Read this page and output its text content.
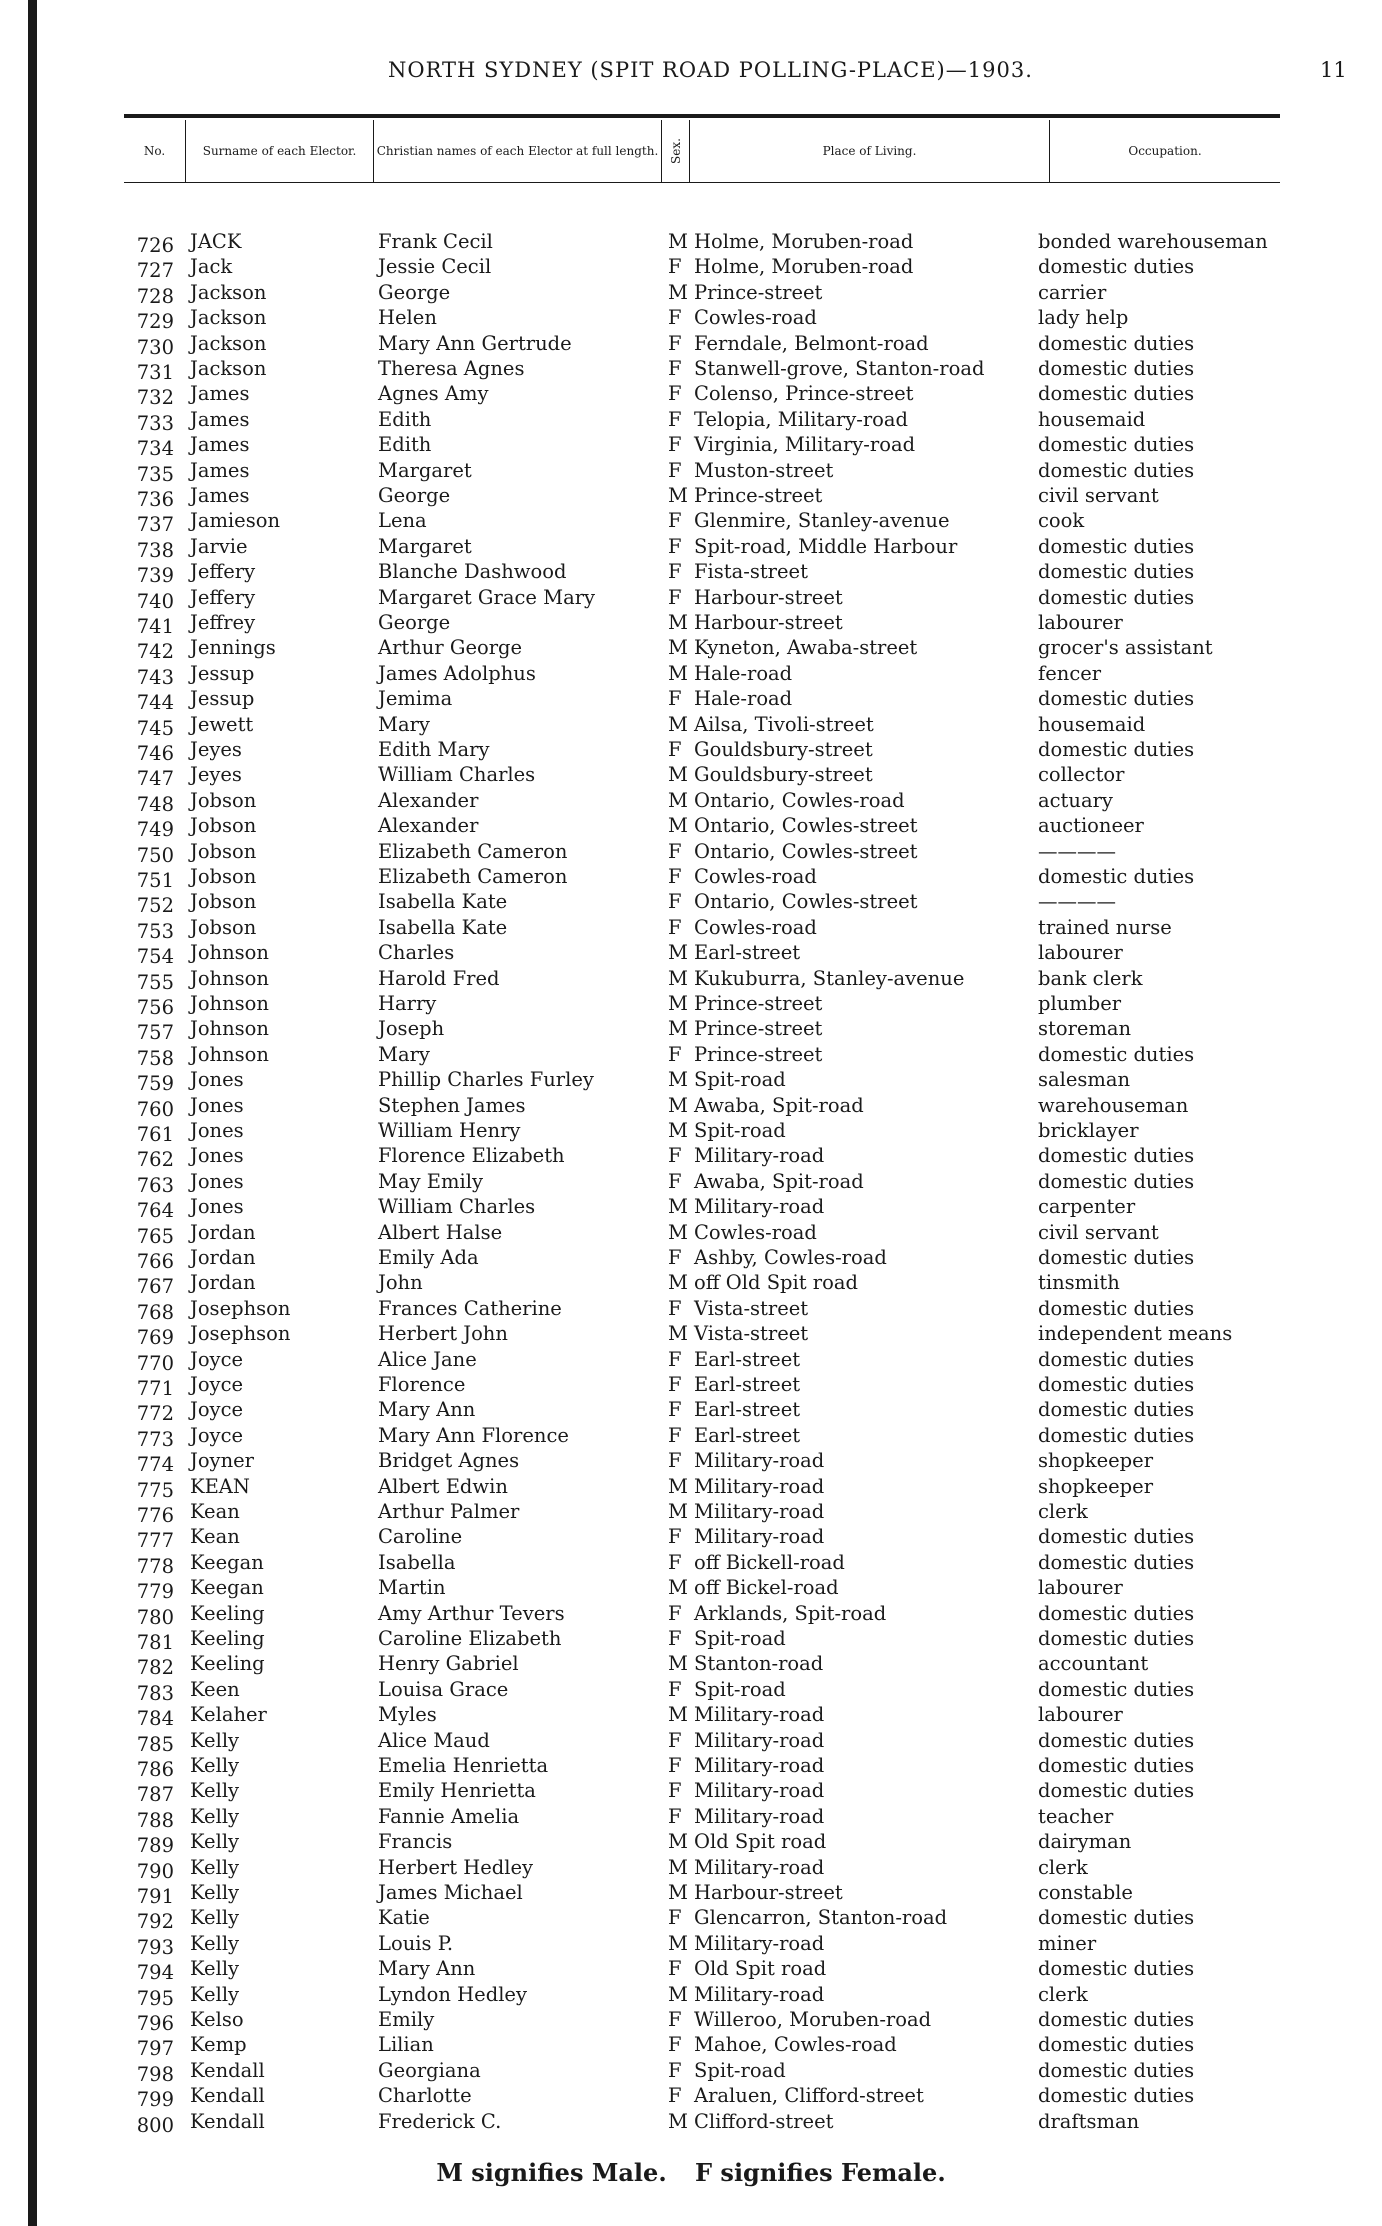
NORTH SYDNEY (SPIT ROAD POLLING-PLACE)—1903.	11
No.	Surname of each Elector.	Christian names of each Elector at full length. Sex.	Place of Living.	Occupation.
726 JACK	Frank Cecil	M Holme, Moruben-road	bonded warehouseman
727 Jack	Jessie Cecil	F Holme, Moruben-road	domestic duties
728 Jackson	George	M Prince-street	carrier
729 Jackson	Helen	F Cowles-road	lady help
730 Jackson	Mary Ann Gertrude	F Ferndale, Belmont-road	domestic duties
731 Jackson	Theresa Agnes	F Stanwell-grove, Stanton-road	domestic duties
732 James	Agnes Amy	F Colenso, Prince-street	domestic duties
733 James	Edith	F Telopia, Military-road	housemaid
734 James	Edith	F Virginia, Military-road	domestic duties
735 James	Margaret	F Muston-street	domestic duties
736 James	George	M Prince-street	civil servant
737 Jamieson	Lena	F Glenmire, Stanley-avenue	cook
738 Jarvie	Margaret	F Spit-road, Middle Harbour	domestic duties
739 Jeffery	Blanche Dashwood	F Fista-street	domestic duties
740 Jeffery	Margaret Grace Mary	F Harbour-street	domestic duties
741 Jeffrey	George	M Harbour-street	labourer
742 Jennings	Arthur George	M Kyneton, Awaba-street	grocer's assistant
743 Jessup	James Adolphus	M Hale-road	fencer
744 Jessup	Jemima	F Hale-road	domestic duties
745 Jewett	Mary	M Ailsa, Tivoli-street	housemaid
746 Jeyes	Edith Mary	F Gouldsbury-street	domestic duties
747 Jeyes	William Charles	M Gouldsbury-street	collector
748 Jobson	Alexander	M Ontario, Cowles-road	actuary
749 Jobson	Alexander	M Ontario, Cowles-street	auctioneer
750 Jobson	Elizabeth Cameron	F Ontario, Cowles-street	————
751 Jobson	Elizabeth Cameron	F Cowles-road	domestic duties
752 Jobson	Isabella Kate	F Ontario, Cowles-street	————
753 Jobson	Isabella Kate	F Cowles-road	trained nurse
754 Johnson	Charles	M Earl-street	labourer
755 Johnson	Harold Fred	M Kukuburra, Stanley-avenue	bank clerk
756 Johnson	Harry	M Prince-street	plumber
757 Johnson	Joseph	M Prince-street	storeman
758 Johnson	Mary	F Prince-street	domestic duties
759 Jones	Phillip Charles Furley	M Spit-road	salesman
760 Jones	Stephen James	M Awaba, Spit-road	warehouseman
761 Jones	William Henry	M Spit-road	bricklayer
762 Jones	Florence Elizabeth	F Military-road	domestic duties
763 Jones	May Emily	F Awaba, Spit-road	domestic duties
764 Jones	William Charles	M Military-road	carpenter
765 Jordan	Albert Halse	M Cowles-road	civil servant
766 Jordan	Emily Ada	F Ashby, Cowles-road	domestic duties
767 Jordan	John	M off Old Spit road	tinsmith
768 Josephson	Frances Catherine	F Vista-street	domestic duties
769 Josephson	Herbert John	M Vista-street	independent means
770 Joyce	Alice Jane	F Earl-street	domestic duties
771 Joyce	Florence	F Earl-street	domestic duties
772 Joyce	Mary Ann	F Earl-street	domestic duties
773 Joyce	Mary Ann Florence	F Earl-street	domestic duties
774 Joyner	Bridget Agnes	F Military-road	shopkeeper
775 KEAN	Albert Edwin	M Military-road	shopkeeper
776 Kean	Arthur Palmer	M Military-road	clerk
777 Kean	Caroline	F Military-road	domestic duties
778 Keegan	Isabella	F off Bickell-road	domestic duties
779 Keegan	Martin	M off Bickel-road	labourer
780 Keeling	Amy Arthur Tevers	F Arklands, Spit-road	domestic duties
781 Keeling	Caroline Elizabeth	F Spit-road	domestic duties
782 Keeling	Henry Gabriel	M Stanton-road	accountant
783 Keen	Louisa Grace	F Spit-road	domestic duties
784 Kelaher	Myles	M Military-road	labourer
785 Kelly	Alice Maud	F Military-road	domestic duties
786 Kelly	Emelia Henrietta	F Military-road	domestic duties
787 Kelly	Emily Henrietta	F Military-road	domestic duties
788 Kelly	Fannie Amelia	F Military-road	teacher
789 Kelly	Francis	M Old Spit road	dairyman
790 Kelly	Herbert Hedley	M Military-road	clerk
791 Kelly	James Michael	M Harbour-street	constable
792 Kelly	Katie	F Glencarron, Stanton-road	domestic duties
793 Kelly	Louis P.	M Military-road	miner
794 Kelly	Mary Ann	F Old Spit road	domestic duties
795 Kelly	Lyndon Hedley	M Military-road	clerk
796 Kelso	Emily	F Willeroo, Moruben-road	domestic duties
797 Kemp	Lilian	F Mahoe, Cowles-road	domestic duties
798 Kendall	Georgiana	F Spit-road	domestic duties
799 Kendall	Charlotte	F Araluen, Clifford-street	domestic duties
800 Kendall	Frederick C.	M Clifford-street	draftsman
M signifies Male. F signifies Female.
